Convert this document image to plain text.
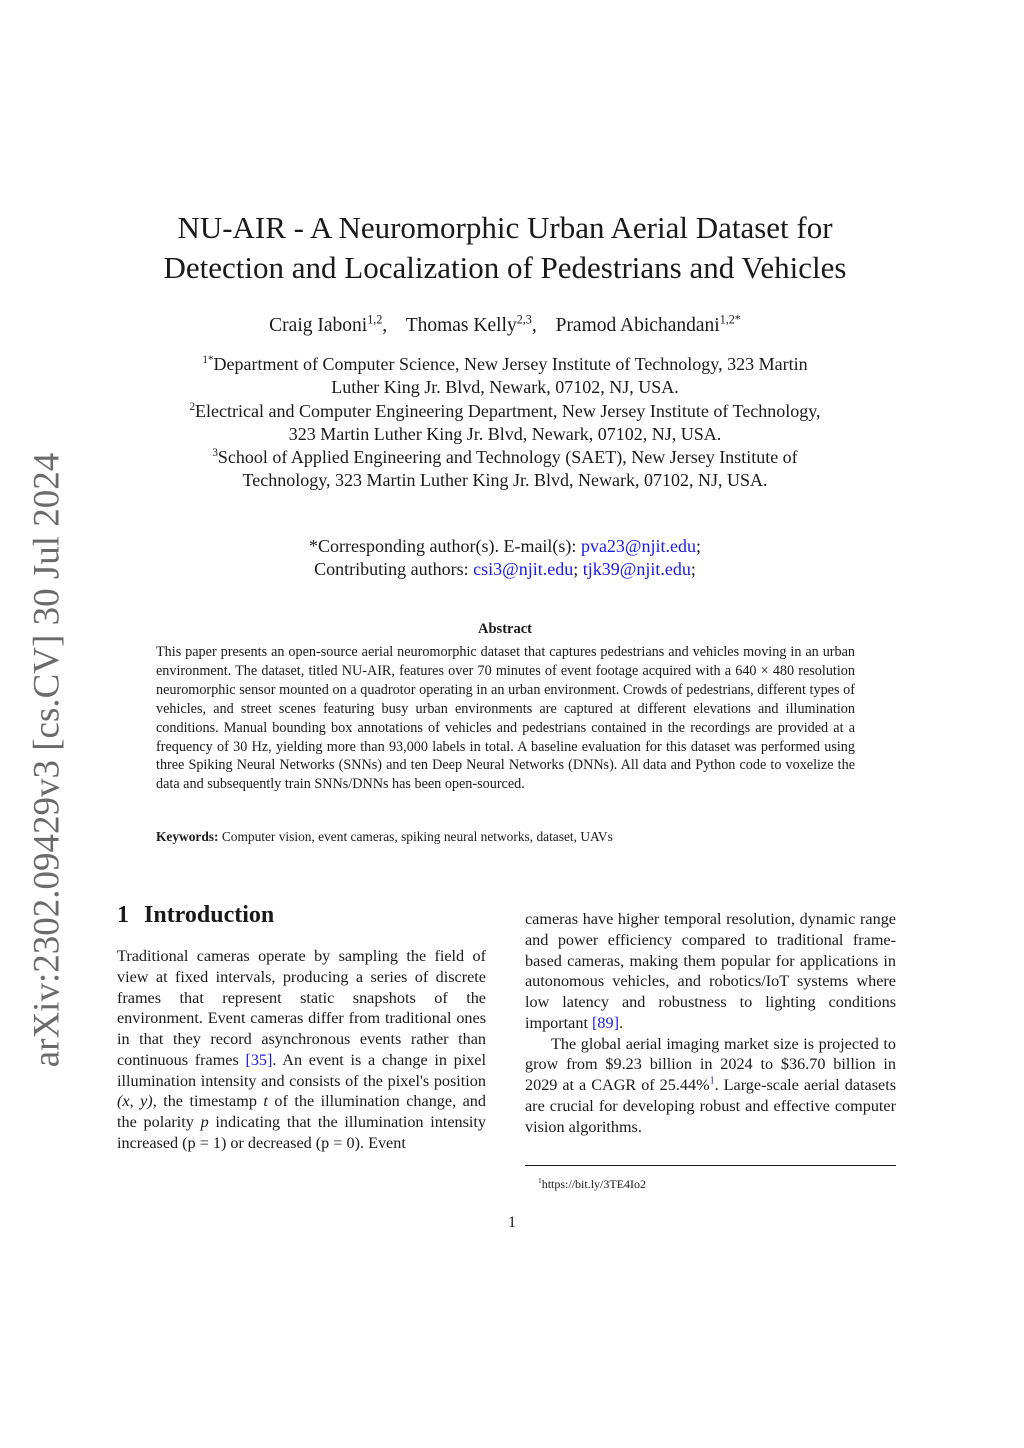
arXiv:2302.09429v3 [cs.CV] 30 Jul 2024
NU-AIR - A Neuromorphic Urban Aerial Dataset for
Detection and Localization of Pedestrians and Vehicles
Craig Iaboni$^{1,2}$, Thomas Kelly$^{2,3}$, Pramod Abichandani$^{1,2*}$
$^{1*}$Department of Computer Science, New Jersey Institute of Technology, 323 Martin
Luther King Jr. Blvd, Newark, 07102, NJ, USA.
$^2$Electrical and Computer Engineering Department, New Jersey Institute of Technology,
323 Martin Luther King Jr. Blvd, Newark, 07102, NJ, USA.
$^3$School of Applied Engineering and Technology (SAET), New Jersey Institute of
Technology, 323 Martin Luther King Jr. Blvd, Newark, 07102, NJ, USA.
*Corresponding author(s). E-mail(s): pva23@njit.edu;
Contributing authors: csi3@njit.edu; tjk39@njit.edu;
Abstract
This paper presents an open-source aerial neuromorphic dataset that captures pedestrians and vehicles moving in an urban environment. The dataset, titled NU-AIR, features over 70 minutes of event footage acquired with a 640 × 480 resolution neuromorphic sensor mounted on a quadrotor operating in an urban environment. Crowds of pedestrians, different types of vehicles, and street scenes featuring busy urban environments are captured at different elevations and illumination conditions. Manual bounding box annotations of vehicles and pedestrians contained in the recordings are provided at a frequency of 30 Hz, yielding more than 93,000 labels in total. A baseline evaluation for this dataset was performed using three Spiking Neural Networks (SNNs) and ten Deep Neural Networks (DNNs). All data and Python code to voxelize the data and subsequently train SNNs/DNNs has been open-sourced.
Keywords: Computer vision, event cameras, spiking neural networks, dataset, UAVs
1 Introduction

Traditional cameras operate by sampling the field of view at fixed intervals, producing a series of discrete frames that represent static snapshots of the environment. Event cameras differ from traditional ones in that they record asynchronous events rather than continuous frames [35]. An event is a change in pixel illumination intensity and consists of the pixel's position (x, y), the timestamp t of the illumination change, and the polarity p indicating that the illumination intensity increased (p = 1) or decreased (p = 0). Event

cameras have higher temporal resolution, dynamic range and power efficiency compared to traditional frame-based cameras, making them popular for applications in autonomous vehicles, and robotics/IoT systems where low latency and robustness to lighting conditions important [89].

The global aerial imaging market size is projected to grow from $9.23 billion in 2024 to $36.70 billion in 2029 at a CAGR of 25.44%$^1$. Large-scale aerial datasets are crucial for developing robust and effective computer vision algorithms.

$^1$https://bit.ly/3TE4Io2
1
